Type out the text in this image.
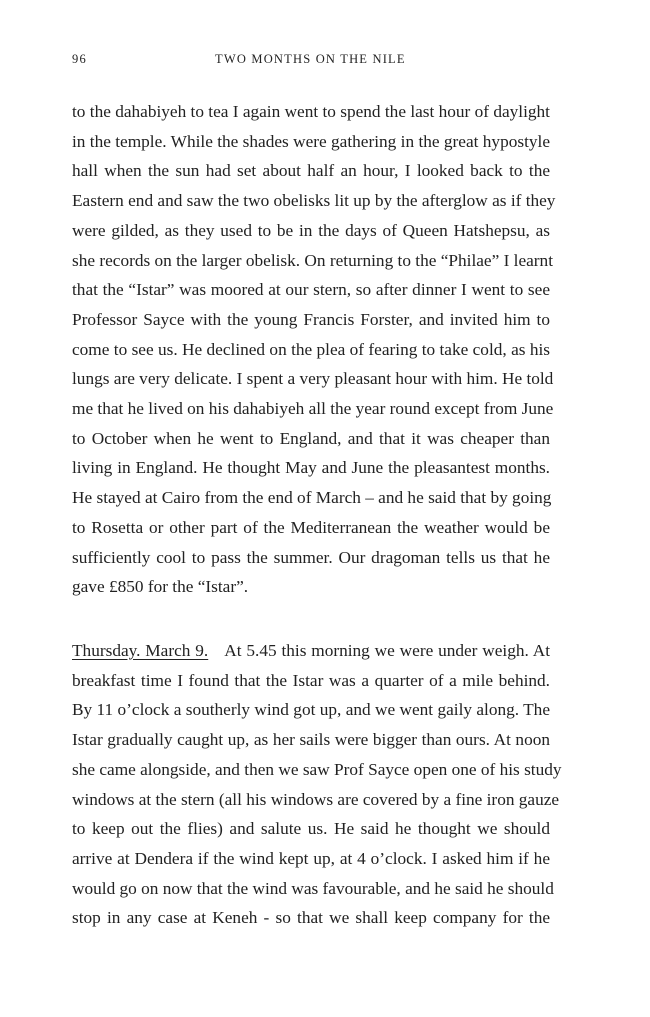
96	TWO MONTHS ON THE NILE
to the dahabiyeh to tea I again went to spend the last hour of daylight
in the temple. While the shades were gathering in the great hypostyle
hall when the sun had set about half an hour, I looked back to the
Eastern end and saw the two obelisks lit up by the afterglow as if they
were gilded, as they used to be in the days of Queen Hatshepsu, as
she records on the larger obelisk. On returning to the “Philae” I learnt
that the “Istar” was moored at our stern, so after dinner I went to see
Professor Sayce with the young Francis Forster, and invited him to
come to see us. He declined on the plea of fearing to take cold, as his
lungs are very delicate. I spent a very pleasant hour with him. He told
me that he lived on his dahabiyeh all the year round except from June
to October when he went to England, and that it was cheaper than
living in England. He thought May and June the pleasantest months.
He stayed at Cairo from the end of March – and he said that by going
to Rosetta or other part of the Mediterranean the weather would be
sufficiently cool to pass the summer. Our dragoman tells us that he
gave £850 for the “Istar”.
Thursday. March 9. At 5.45 this morning we were under weigh. At
breakfast time I found that the Istar was a quarter of a mile behind.
By 11 o’clock a southerly wind got up, and we went gaily along. The
Istar gradually caught up, as her sails were bigger than ours. At noon
she came alongside, and then we saw Prof Sayce open one of his study
windows at the stern (all his windows are covered by a fine iron gauze
to keep out the flies) and salute us. He said he thought we should
arrive at Dendera if the wind kept up, at 4 o’clock. I asked him if he
would go on now that the wind was favourable, and he said he should
stop in any case at Keneh - so that we shall keep company for the
